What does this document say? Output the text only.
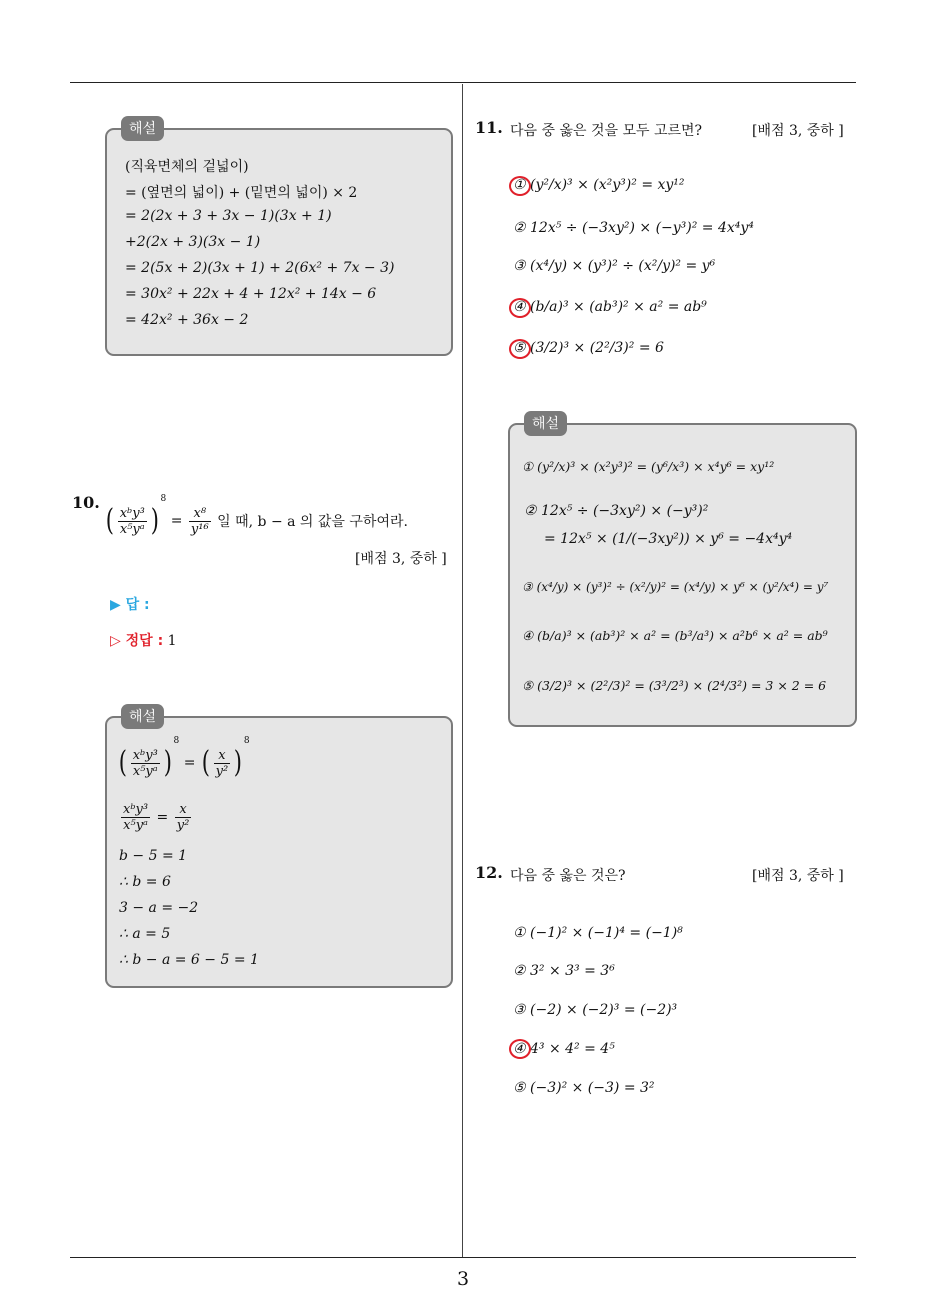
3
해설
(직육면체의 겉넓이)
= (옆면의 넓이) + (밑면의 넓이) × 2
= 2(2x + 3 + 3x − 1)(3x + 1)
+2(2x + 3)(3x − 1)
= 2(5x + 2)(3x + 1) + 2(6x² + 7x − 3)
= 30x² + 22x + 4 + 12x² + 14x − 6
= 42x² + 36x − 2
10.
( $\frac{\text{xᵇy³}}{\text{x⁵yᵃ}} )^8 = \frac{\text{x⁸}}{\text{y¹⁶}}$ 일 때, b − a 의 값을 구하여라.
[배점 3, 중하 ]
▶ 답 :
▷ 정답 : 1
해설
( $\frac{\text{xᵇy³}}{\text{x⁵yᵃ}} )^8$ = ( $\frac{x}{\text{y²}} )^8$
$\frac{\text{xᵇy³}}{\text{x⁵yᵃ}} = \frac{x}{\text{y²}}$
b − 5 = 1
∴ b = 6
3 − a = −2
∴ a = 5
∴ b − a = 6 − 5 = 1
11. 다음 중 옳은 것을 모두 고르면?	[배점 3, 중하 ]
① (y²/x)³ × (x²y³)² = xy¹²
② 12x⁵ ÷ (−3xy²) × (−y³)² = 4x⁴y⁴
③ (x⁴/y) × (y³)² ÷ (x²/y)² = y⁶
④ (b/a)³ × (ab³)² × a² = ab⁹
⑤ (3/2)³ × (2²/3)² = 6
해설
① (y²/x)³ × (x²y³)² = (y⁶/x³) × x⁴y⁶ = xy¹²
② 12x⁵ ÷ (−3xy²) × (−y³)²
= 12x⁵ × (1/(−3xy²)) × y⁶ = −4x⁴y⁴
③ (x⁴/y) × (y³)² ÷ (x²/y)² = (x⁴/y) × y⁶ × (y²/x⁴) = y⁷
④ (b/a)³ × (ab³)² × a² = (b³/a³) × a²b⁶ × a² = ab⁹
⑤ (3/2)³ × (2²/3)² = (3³/2³) × (2⁴/3²) = 3 × 2 = 6
12. 다음 중 옳은 것은?	[배점 3, 중하 ]
① (−1)² × (−1)⁴ = (−1)⁸
② 3² × 3³ = 3⁶
③ (−2) × (−2)³ = (−2)³
④ 4³ × 4² = 4⁵
⑤ (−3)² × (−3) = 3²
